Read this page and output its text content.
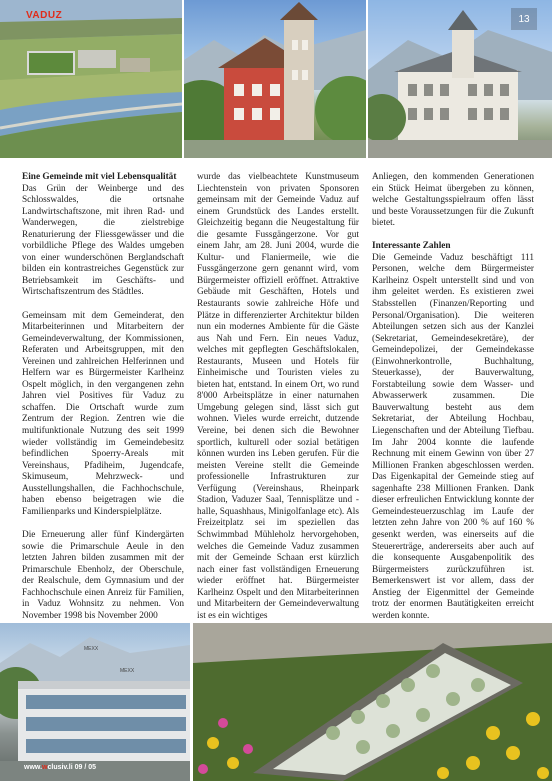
VADUZ	13
Eine Gemeinde mit viel Lebensqualität

Das Grün der Weinberge und des Schlosswaldes, die ortsnahe Landwirtschaftszone, mit ihren Rad- und Wanderwegen, die zielstrebige Renaturierung der Fliessgewässer und die vorbildliche Pflege des Waldes umgeben von einer wunderschönen Berglandschaft bilden ein kontrastreiches Gegenstück zur Betriebsamkeit im Geschäfts- und Wirtschaftszentrum des Städtles.

Gemeinsam mit dem Gemeinderat, den Mitarbeiterinnen und Mitarbeitern der Gemeindeverwaltung, der Kommissionen, Referaten und Arbeitsgruppen, mit den Vereinen und zahlreichen Helferinnen und Helfern war es Bürgermeister Karlheinz Ospelt möglich, in den vergangenen zehn Jahren viel Positives für Vaduz zu schaffen. Die Ortschaft wurde zum Zentrum der Region. Zentren wie die multifunktionale Nutzung des seit 1999 wieder vollständig im Gemeindebesitz befindlichen Spoerry-Areals mit Vereinshaus, Pfadiheim, Jugendcafe, Skimuseum, Mehrzweck- und Ausstellungshallen, die Fachhochschule, haben ebenso beigetragen wie die Familienparks und Kinderspielplätze.

Die Erneuerung aller fünf Kindergärten sowie die Primarschule Aeule in den letzten Jahren bilden zusammen mit der Primarschule Ebenholz, der Oberschule, der Realschule, dem Gymnasium und der Fachhochschule einen Anreiz für Familien, in Vaduz Wohnsitz zu nehmen. Von November 1998 bis November 2000

wurde das vielbeachtete Kunstmuseum Liechtenstein von privaten Sponsoren gemeinsam mit der Gemeinde Vaduz auf einem Grundstück des Landes erstellt. Gleichzeitig begann die Neugestaltung für die gesamte Fussgängerzone. Vor gut einem Jahr, am 28. Juni 2004, wurde die Kultur- und Flaniermeile, wie die Fussgängerzone gern genannt wird, vom Bürgermeister offiziell eröffnet. Attraktive Gebäude mit Geschäften, Hotels und Restaurants sowie zahlreiche Höfe und Plätze in differenzierter Architektur bilden nun ein modernes Ambiente für die Gäste aus Nah und Fern. Ein neues Vaduz, welches mit gepflegten Geschäftslokalen, Restaurants, Museen und Hotels für Einheimische und Touristen vieles zu bieten hat, entstand. In einem Ort, wo rund 8'000 Arbeitsplätze in einer naturnahen Umgebung gelegen sind, lässt sich gut wohnen. Vieles wurde erreicht, dutzende Vereine, bei denen sich die Bewohner sportlich, kulturell oder sozial betätigen können wurden ins Leben gerufen. Für die meisten Vereine stellt die Gemeinde professionelle Infrastrukturen zur Verfügung (Vereinshaus, Rheinpark Stadion, Vaduzer Saal, Tennisplätze und -halle, Squashhaus, Minigolfanlage etc). Als Freizeitplatz sei im speziellen das Schwimmbad Mühleholz hervorgehoben, welches die Gemeinde Vaduz zusammen mit der Gemeinde Schaan erst kürzlich nach einer fast vollständigen Erneuerung wieder eröffnet hat. Bürgermeister Karlheinz Ospelt und den Mitarbeiterinnen und Mitarbeitern der Gemeindeverwaltung ist es ein wichtiges

Anliegen, den kommenden Generationen ein Stück Heimat übergeben zu können, welche Gestaltungsspielraum offen lässt und beste Voraussetzungen für die Zukunft bietet.

Interessante Zahlen

Die Gemeinde Vaduz beschäftigt 111 Personen, welche dem Bürgermeister Karlheinz Ospelt unterstellt sind und von ihm geleitet werden. Es existieren zwei Stabsstellen (Finanzen/Reporting und Personal/Organisation). Die weiteren Abteilungen setzen sich aus der Kanzlei (Sekretariat, Gemeindesekretäre), der Gemeindepolizei, der Gemeindekasse (Einwohnerkontrolle, Buchhaltung, Steuerkasse), der Bauverwaltung, Forstabteilung sowie dem Wasser- und Abwasserwerk zusammen. Die Bauverwaltung besteht aus dem Sekretariat, der Abteilung Hochbau, Liegenschaften und der Abteilung Tiefbau. Im Jahr 2004 konnte die laufende Rechnung mit einem Gewinn von über 27 Millionen Franken abgeschlossen werden. Das Eigenkapital der Gemeinde stieg auf sagenhafte 238 Millionen Franken. Dank dieser erfreulichen Entwicklung konnte der Gemeindesteuerzuschlag im Laufe der letzten zehn Jahre von 200 % auf 160 % gesenkt werden, was einerseits auf die Steuererträge, andererseits aber auch auf die konsequente Ausgabenpolitik des Bürgermeisters zurückzuführen ist. Bemerkenswert ist vor allem, dass der Anstieg der Eigenmittel der Gemeinde trotz der enormen Bautätigkeiten erreicht werden konnte.

MEXX
MEXX
www.wclusiv.li 09 / 05
